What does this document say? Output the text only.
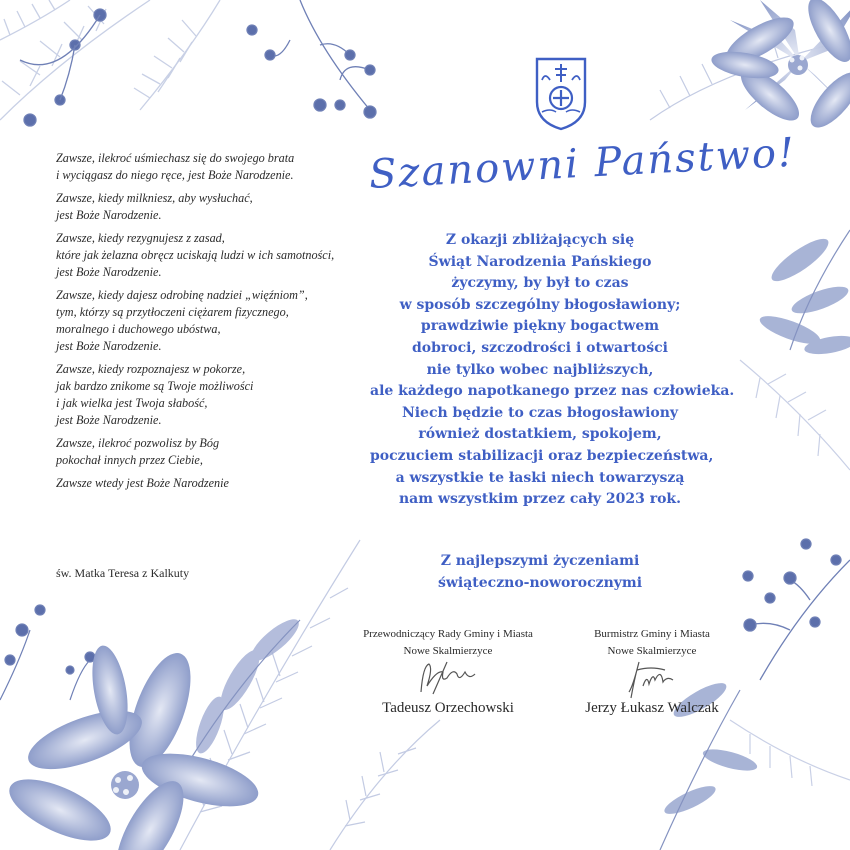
Szanowni Państwo!
Z okazji zbliżających się
Świąt Narodzenia Pańskiego
życzymy, by był to czas
w sposób szczególny błogosławiony;
prawdziwie piękny bogactwem
dobroci, szczodrości i otwartości
nie tylko wobec najbliższych,
ale każdego napotkanego przez nas człowieka.
Niech będzie to czas błogosławiony
również dostatkiem, spokojem,
poczuciem stabilizacji oraz bezpieczeństwa,
a wszystkie te łaski niech towarzyszą
nam wszystkim przez cały 2023 rok.
Z najlepszymi życzeniami
świąteczno-noworocznymi
Przewodniczący Rady Gminy i Miasta
Nowe Skalmierzyce
Tadeusz Orzechowski
Burmistrz Gminy i Miasta
Nowe Skalmierzyce
Jerzy Łukasz Walczak
Zawsze, ilekroć uśmiechasz się do swojego brata
i wyciągasz do niego ręce, jest Boże Narodzenie.
Zawsze, kiedy milkniesz, aby wysłuchać,
jest Boże Narodzenie.
Zawsze, kiedy rezygnujesz z zasad,
które jak żelazna obręcz uciskają ludzi w ich samotności,
jest Boże Narodzenie.
Zawsze, kiedy dajesz odrobinę nadziei „więźniom”,
tym, którzy są przytłoczeni ciężarem fizycznego,
moralnego i duchowego ubóstwa,
jest Boże Narodzenie.
Zawsze, kiedy rozpoznajesz w pokorze,
jak bardzo znikome są Twoje możliwości
i jak wielka jest Twoja słabość,
jest Boże Narodzenie.
Zawsze, ilekroć pozwolisz by Bóg
pokochał innych przez Ciebie,
Zawsze wtedy jest Boże Narodzenie
św. Matka Teresa z Kalkuty
